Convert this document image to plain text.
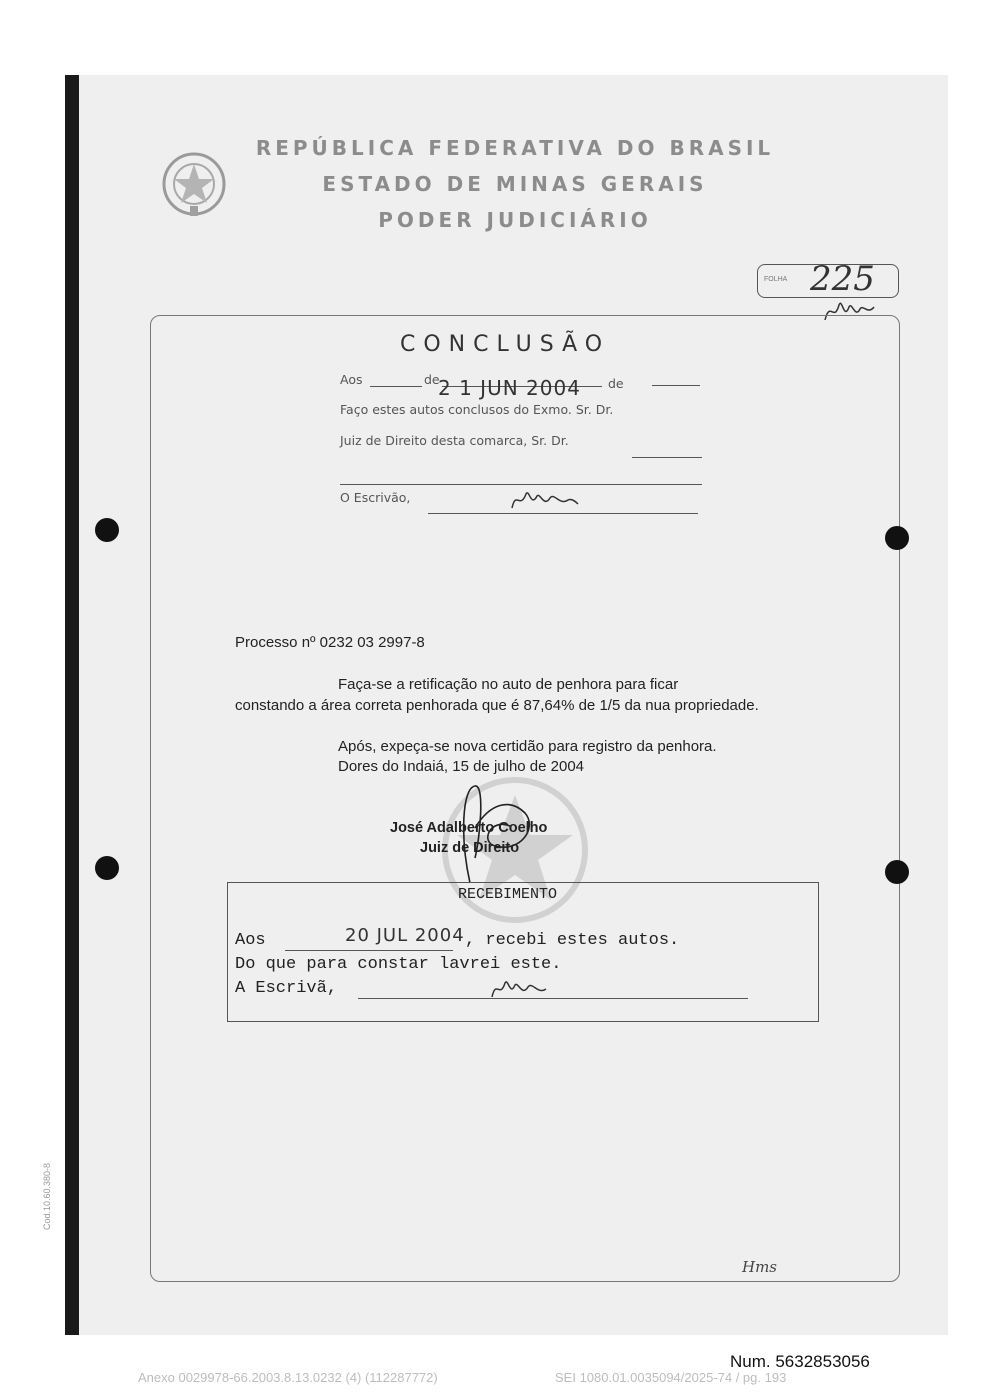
REPÚBLICA FEDERATIVA DO BRASIL
ESTADO DE MINAS GERAIS
PODER JUDICIÁRIO
FOLHA 225
CONCLUSÃO
Aos	de
2 1 JUN 2004 de
Faço estes autos conclusos do Exmo. Sr. Dr.
Juiz de Direito desta comarca, Sr. Dr.
O Escrivão,
Processo nº 0232 03 2997-8
Faça-se a retificação no auto de penhora para ficar
constando a área correta penhorada que é 87,64% de 1/5 da nua propriedade.
Após, expeça-se nova certidão para registro da penhora.
Dores do Indaiá, 15 de julho de 2004
José Adalberto Coelho
Juiz de Direito
RECEBIMENTO
Aos	20 JUL 2004 , recebi estes autos.
Do que para constar lavrei este.
A Escrivã,
Hms
Cod.10.60.380-8
Num. 5632853056
Anexo 0029978-66.2003.8.13.0232 (4) (112287772)	SEI 1080.01.0035094/2025-74 / pg. 193
